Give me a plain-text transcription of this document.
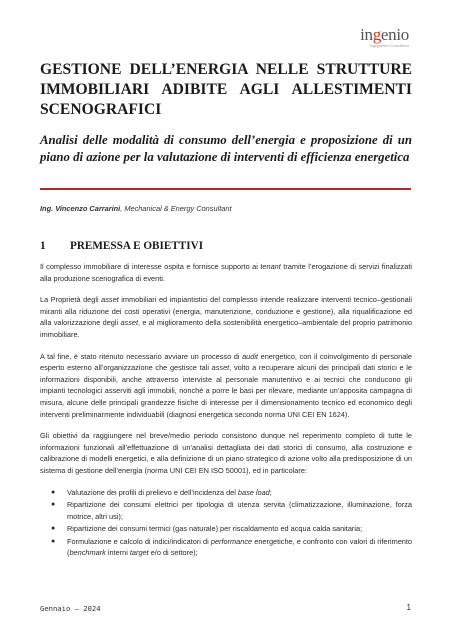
ingenio
Ingegneria e Consulenza
GESTIONE DELL’ENERGIA NELLE STRUTTURE IMMOBILIARI ADIBITE AGLI ALLESTIMENTI SCENOGRAFICI
Analisi delle modalità di consumo dell’energia e proposizione di un piano di azione per la valutazione di interventi di efficienza energetica
Ing. Vincenzo Carrarini, Mechanical & Energy Consultant
1 PREMESSA E OBIETTIVI

Il complesso immobiliare di interesse ospita e fornisce supporto ai tenant tramite l’erogazione di servizi finalizzati alla produzione scenografica di eventi.

La Proprietà degli asset immobiliari ed impiantistici del complesso intende realizzare interventi tecnico–gestionali miranti alla riduzione dei costi operativi (energia, manutenzione, conduzione e gestione), alla riqualificazione ed alla valorizzazione degli asset, e al miglioramento della sostenibilità energetico–ambientale del proprio patrimonio immobiliare.

A tal fine, è stato ritenuto necessario avviare un processo di audit energetico, con il coinvolgimento di personale esperto esterno all’organizzazione che gestisce tali asset, volto a recuperare alcuni dei principali dati storici e le informazioni disponibili, anche attraverso interviste al personale manutentivo e ai tecnici che conducono gli impianti tecnologici asserviti agli immobili, nonché a porre le basi per rilevare, mediante un’apposita campagna di misura, alcune delle principali grandezze fisiche di interesse per il dimensionamento tecnico ed economico degli interventi preliminarmente individuabili (diagnosi energetica secondo norma UNI CEI EN 1624).

Gli obiettivi da raggiungere nel breve/medio periodo consistono dunque nel reperimento completo di tutte le informazioni funzionali all’effettuazione di un’analisi dettagliata dei dati storici di consumo, alla costruzione e calibrazione di modelli energetici, e alla definizione di un piano strategico di azione volto alla predisposizione di un sistema di gestione dell’energia (norma UNI CEI EN ISO 50001), ed in particolare:

● Valutazione dei profili di prelievo e dell’incidenza del base load;
● Ripartizione dei consumi elettrici per tipologia di utenza servita (climatizzazione, illuminazione, forza motrice, altri usi);
● Ripartizione dei consumi termici (gas naturale) per riscaldamento ed acqua calda sanitaria;
● Formulazione e calcolo di indici/indicatori di performance energetiche, e confronto con valori di riferimento (benchmark interni target e/o di settore);
Gennaio – 2024	1
